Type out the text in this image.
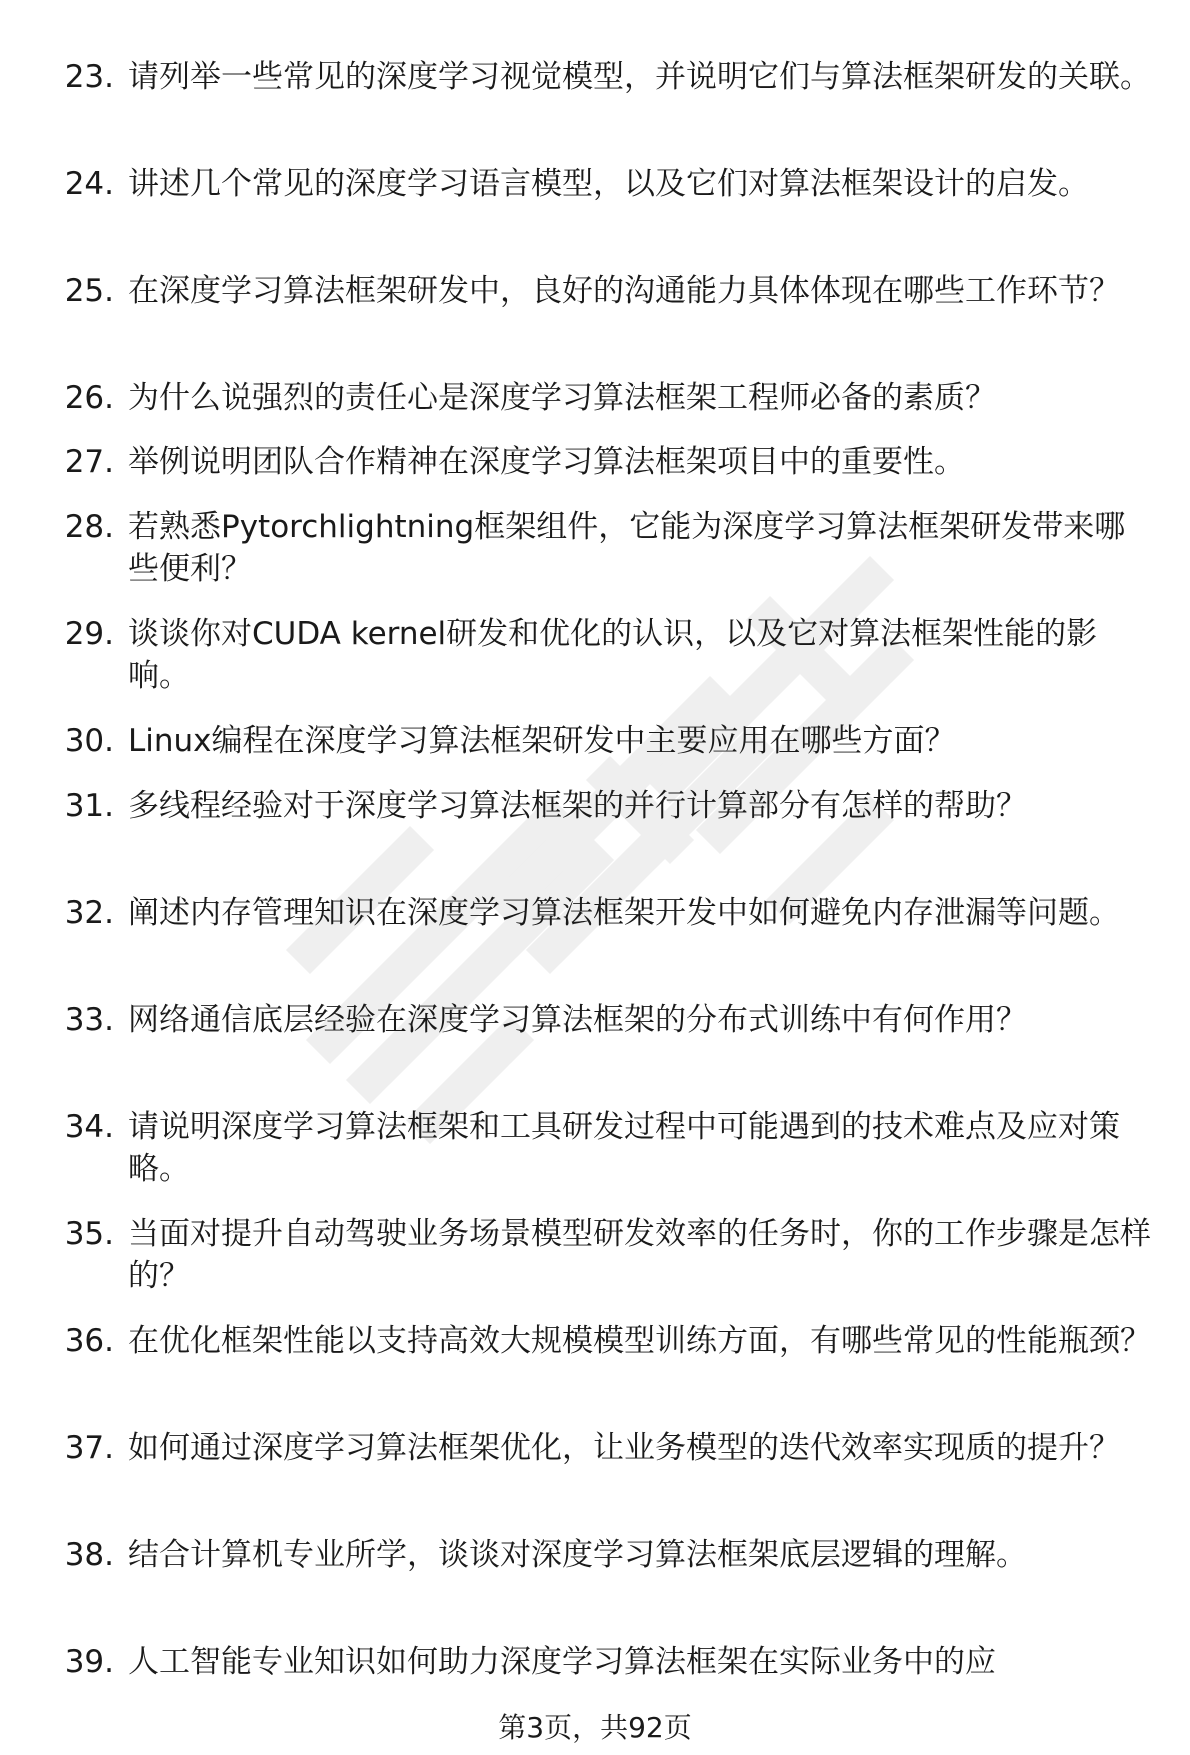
23. 请列举一些常见的深度学习视觉模型，并说明它们与算法框架研发的关联。
24. 讲述几个常见的深度学习语言模型，以及它们对算法框架设计的启发。
25. 在深度学习算法框架研发中，良好的沟通能力具体体现在哪些工作环节？
26. 为什么说强烈的责任心是深度学习算法框架工程师必备的素质？
27. 举例说明团队合作精神在深度学习算法框架项目中的重要性。
28. 若熟悉Pytorchlightning框架组件，它能为深度学习算法框架研发带来哪些便利？
29. 谈谈你对CUDA kernel研发和优化的认识，以及它对算法框架性能的影响。
30. Linux编程在深度学习算法框架研发中主要应用在哪些方面？
31. 多线程经验对于深度学习算法框架的并行计算部分有怎样的帮助？
32. 阐述内存管理知识在深度学习算法框架开发中如何避免内存泄漏等问题。
33. 网络通信底层经验在深度学习算法框架的分布式训练中有何作用？
34. 请说明深度学习算法框架和工具研发过程中可能遇到的技术难点及应对策略。
35. 当面对提升自动驾驶业务场景模型研发效率的任务时，你的工作步骤是怎样的？
36. 在优化框架性能以支持高效大规模模型训练方面，有哪些常见的性能瓶颈？
37. 如何通过深度学习算法框架优化，让业务模型的迭代效率实现质的提升？
38. 结合计算机专业所学，谈谈对深度学习算法框架底层逻辑的理解。
39. 人工智能专业知识如何助力深度学习算法框架在实际业务中的应
第3页，共92页
